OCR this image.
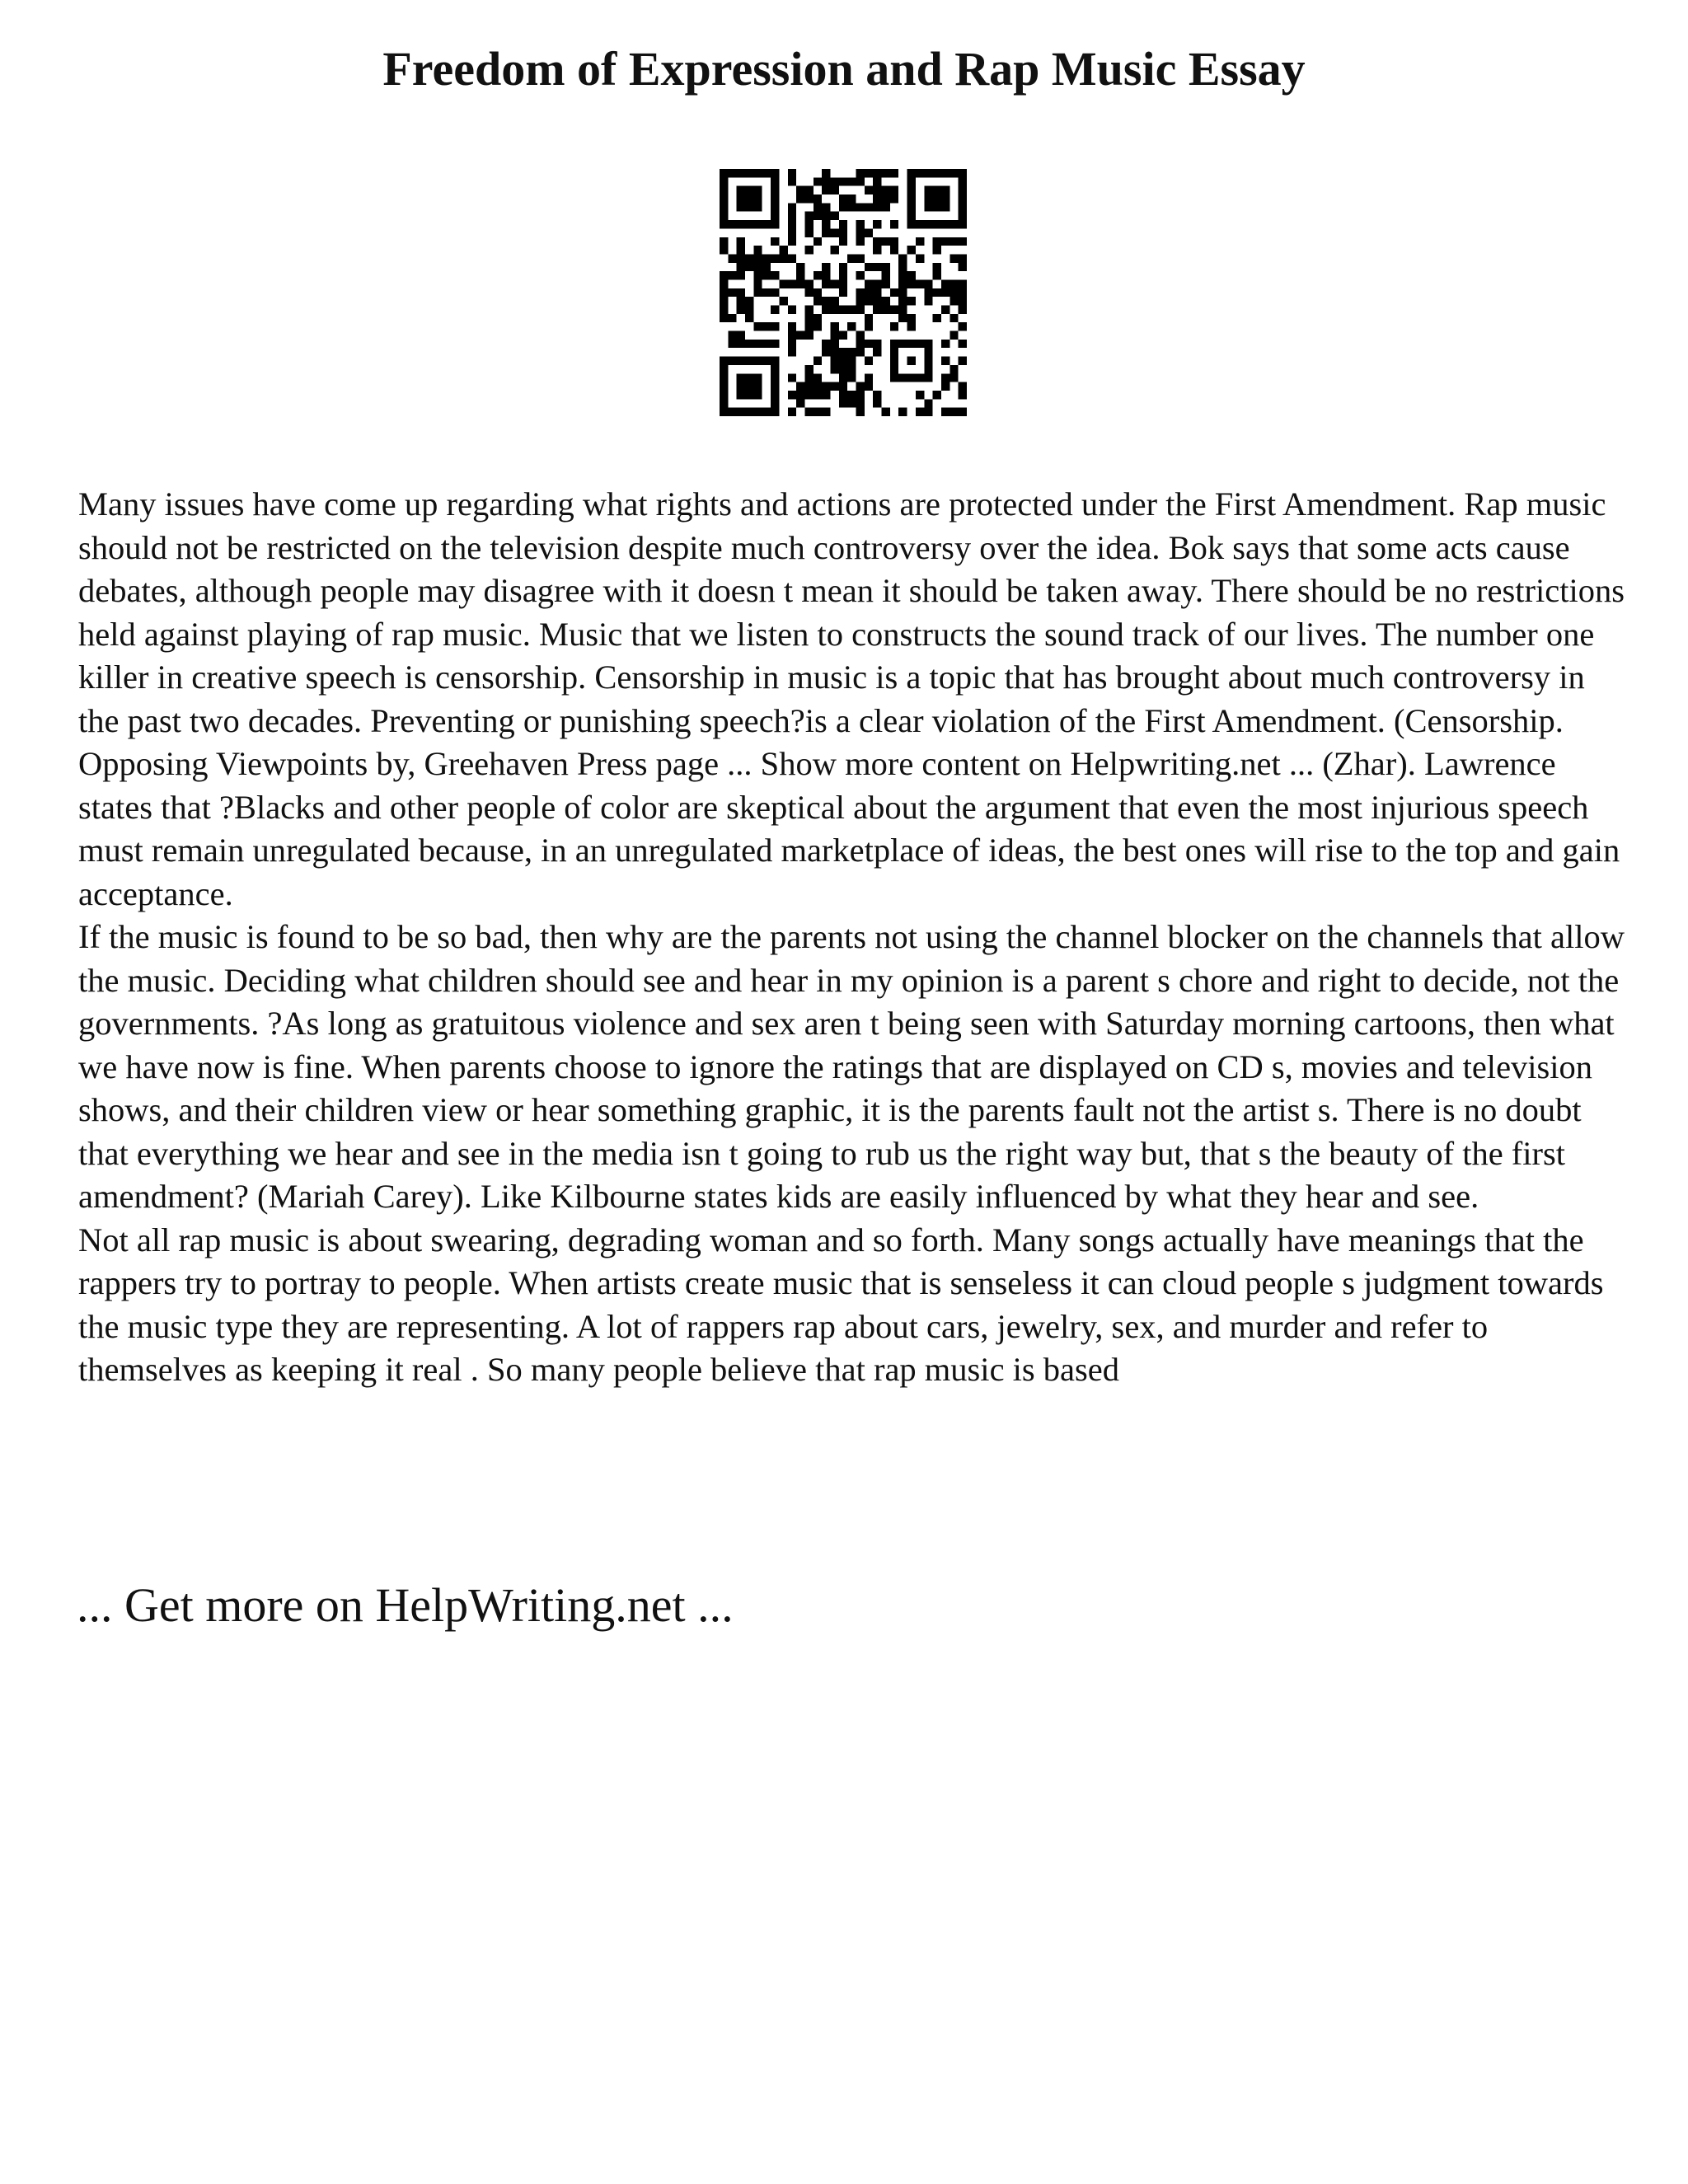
Freedom of Expression and Rap Music Essay

Many issues have come up regarding what rights and actions are protected under the First Amendment. Rap music should not be restricted on the television despite much controversy over the idea. Bok says that some acts cause debates, although people may disagree with it doesn t mean it should be taken away. There should be no restrictions held against playing of rap music. Music that we listen to constructs the sound track of our lives. The number one killer in creative speech is censorship. Censorship in music is a topic that has brought about much controversy in the past two decades. Preventing or punishing speech?is a clear violation of the First Amendment. (Censorship. Opposing Viewpoints by, Greehaven Press page ... Show more content on Helpwriting.net ... (Zhar). Lawrence states that ?Blacks and other people of color are skeptical about the argument that even the most injurious speech must remain unregulated because, in an unregulated marketplace of ideas, the best ones will rise to the top and gain acceptance.

If the music is found to be so bad, then why are the parents not using the channel blocker on the channels that allow the music. Deciding what children should see and hear in my opinion is a parent s chore and right to decide, not the governments. ?As long as gratuitous violence and sex aren t being seen with Saturday morning cartoons, then what we have now is fine. When parents choose to ignore the ratings that are displayed on CD s, movies and television shows, and their children view or hear something graphic, it is the parents fault not the artist s. There is no doubt that everything we hear and see in the media isn t going to rub us the right way but, that s the beauty of the first amendment? (Mariah Carey). Like Kilbourne states kids are easily influenced by what they hear and see.

Not all rap music is about swearing, degrading woman and so forth. Many songs actually have meanings that the rappers try to portray to people. When artists create music that is senseless it can cloud people s judgment towards the music type they are representing. A lot of rappers rap about cars, jewelry, sex, and murder and refer to themselves as keeping it real . So many people believe that rap music is based

... Get more on HelpWriting.net ...
